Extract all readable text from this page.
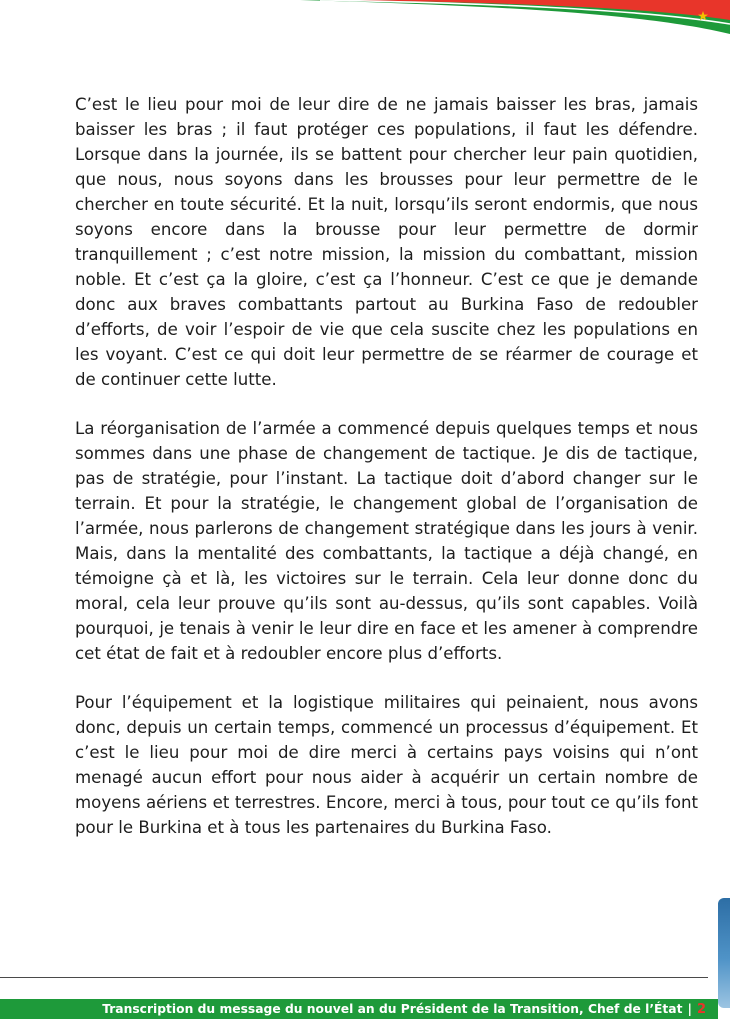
C’est le lieu pour moi de leur dire de ne jamais baisser les bras, jamais baisser les bras ; il faut protéger ces populations, il faut les défendre. Lorsque dans la journée, ils se battent pour chercher leur pain quotidien, que nous, nous soyons dans les brousses pour leur permettre de le chercher en toute sécurité. Et la nuit, lorsqu’ils seront endormis, que nous soyons encore dans la brousse pour leur permettre de dormir tranquillement ; c’est notre mission, la mission du combattant, mission noble. Et c’est ça la gloire, c’est ça l’honneur. C’est ce que je demande donc aux braves combattants partout au Burkina Faso de redoubler d’efforts, de voir l’espoir de vie que cela suscite chez les populations en les voyant. C’est ce qui doit leur permettre de se réarmer de courage et de continuer cette lutte.

La réorganisation de l’armée a commencé depuis quelques temps et nous sommes dans une phase de changement de tactique. Je dis de tactique, pas de stratégie, pour l’instant. La tactique doit d’abord changer sur le terrain. Et pour la stratégie, le changement global de l’organisation de l’armée, nous parlerons de changement stratégique dans les jours à venir. Mais, dans la mentalité des combattants, la tactique a déjà changé, en témoigne çà et là, les victoires sur le terrain. Cela leur donne donc du moral, cela leur prouve qu’ils sont au-dessus, qu’ils sont capables. Voilà pourquoi, je tenais à venir le leur dire en face et les amener à comprendre cet état de fait et à redoubler encore plus d’efforts.

Pour l’équipement et la logistique militaires qui peinaient, nous avons donc, depuis un certain temps, commencé un processus d’équipement. Et c’est le lieu pour moi de dire merci à certains pays voisins qui n’ont menagé aucun effort pour nous aider à acquérir un certain nombre de moyens aériens et terrestres. Encore, merci à tous, pour tout ce qu’ils font pour le Burkina et à tous les partenaires du Burkina Faso.

Transcription du message du nouvel an du Président de la Transition, Chef de l’État | 2
